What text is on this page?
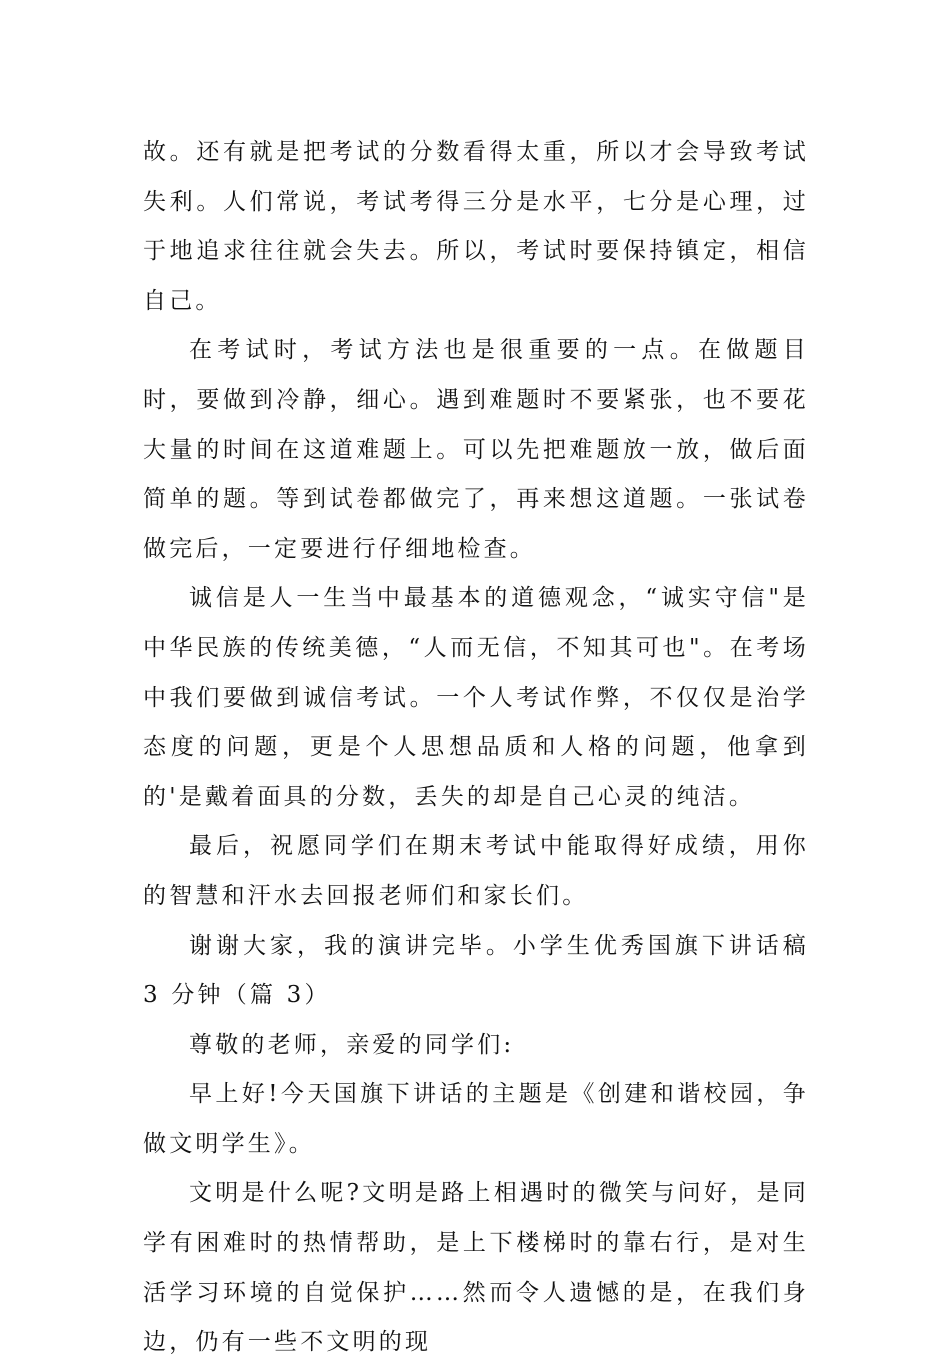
故。还有就是把考试的分数看得太重，所以才会导致考试失利。人们常说，考试考得三分是水平，七分是心理，过于地追求往往就会失去。所以，考试时要保持镇定，相信自己。

在考试时，考试方法也是很重要的一点。在做题目时，要做到冷静，细心。遇到难题时不要紧张，也不要花大量的时间在这道难题上。可以先把难题放一放，做后面简单的题。等到试卷都做完了，再来想这道题。一张试卷做完后，一定要进行仔细地检查。

诚信是人一生当中最基本的道德观念，“诚实守信"是中华民族的传统美德，“人而无信，不知其可也"。在考场中我们要做到诚信考试。一个人考试作弊，不仅仅是治学态度的问题，更是个人思想品质和人格的问题，他拿到的'是戴着面具的分数，丢失的却是自己心灵的纯洁。

最后，祝愿同学们在期末考试中能取得好成绩，用你的智慧和汗水去回报老师们和家长们。

谢谢大家，我的演讲完毕。小学生优秀国旗下讲话稿 3 分钟（篇 3）

尊敬的老师，亲爱的同学们:

早上好!今天国旗下讲话的主题是《创建和谐校园，争做文明学生》。

文明是什么呢?文明是路上相遇时的微笑与问好，是同学有困难时的热情帮助，是上下楼梯时的靠右行，是对生活学习环境的自觉保护……然而令人遗憾的是，在我们身边，仍有一些不文明的现
